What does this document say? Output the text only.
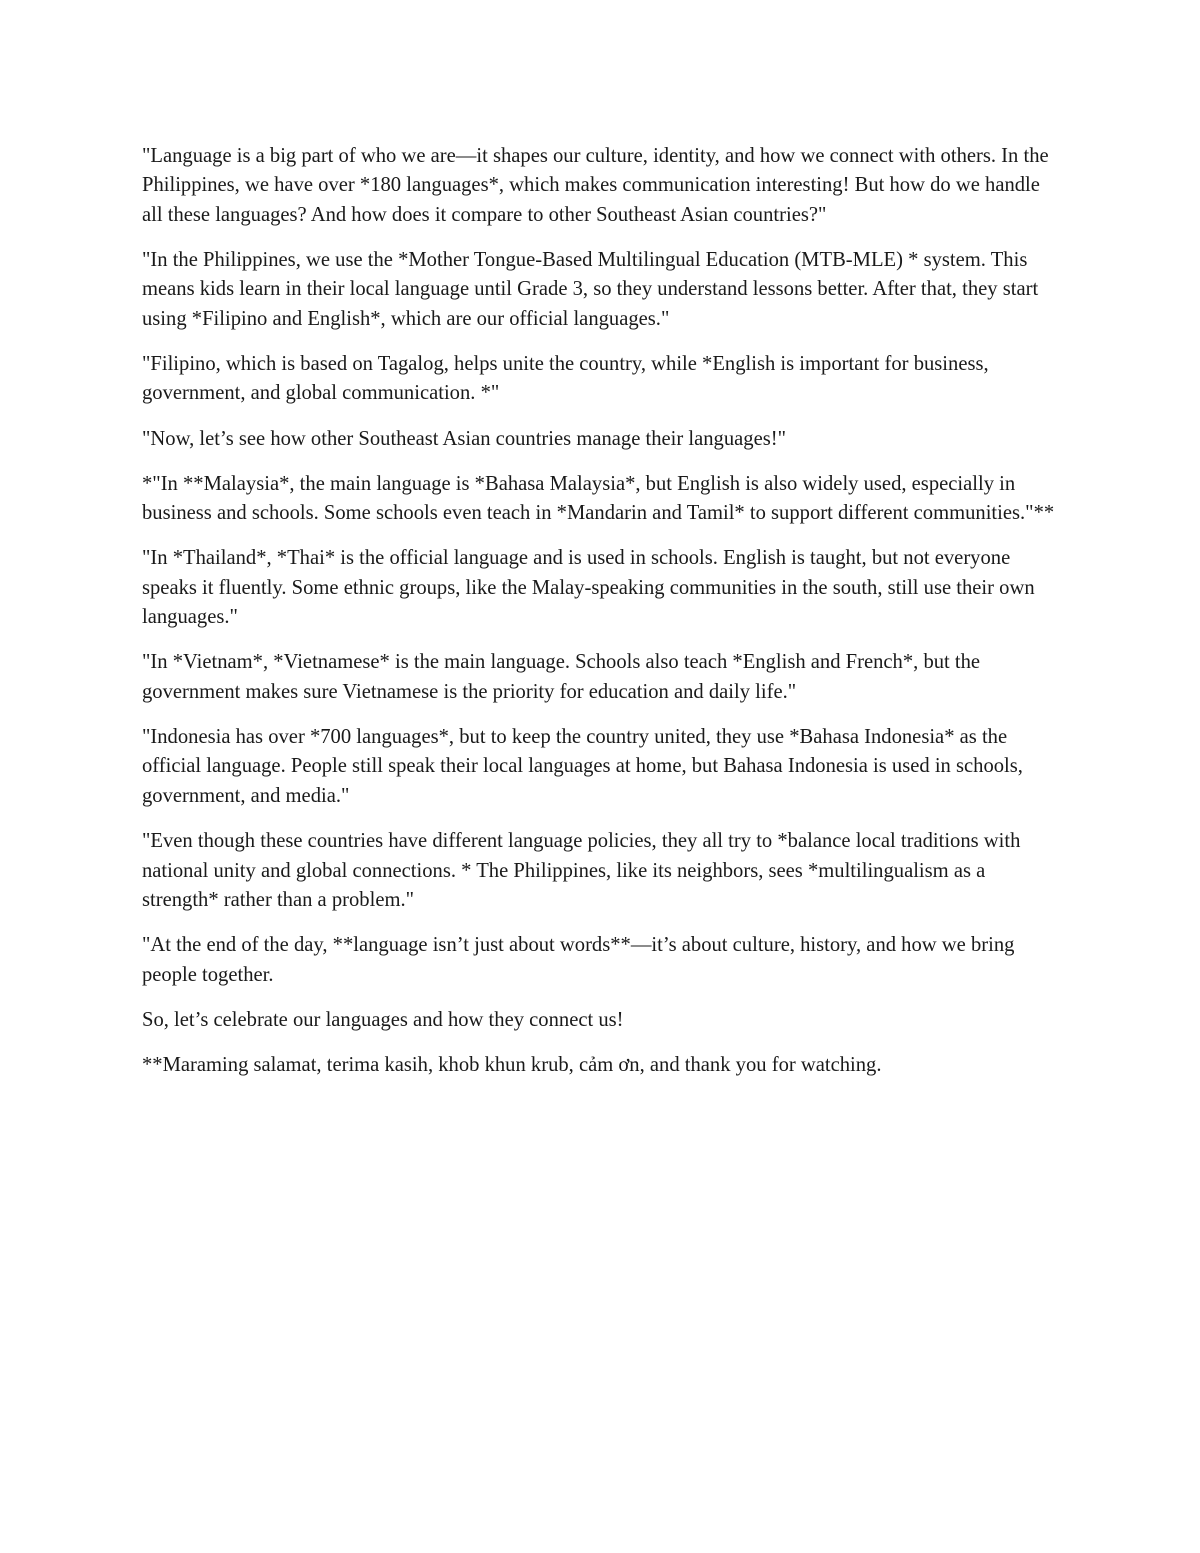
"Language is a big part of who we are—it shapes our culture, identity, and how we connect with others. In the Philippines, we have over *180 languages*, which makes communication interesting! But how do we handle all these languages? And how does it compare to other Southeast Asian countries?"

"In the Philippines, we use the *Mother Tongue-Based Multilingual Education (MTB-MLE) * system. This means kids learn in their local language until Grade 3, so they understand lessons better. After that, they start using *Filipino and English*, which are our official languages."

"Filipino, which is based on Tagalog, helps unite the country, while *English is important for business, government, and global communication. *"

"Now, let’s see how other Southeast Asian countries manage their languages!"

*"In **Malaysia*, the main language is *Bahasa Malaysia*, but English is also widely used, especially in business and schools. Some schools even teach in *Mandarin and Tamil* to support different communities."**

"In *Thailand*, *Thai* is the official language and is used in schools. English is taught, but not everyone speaks it fluently. Some ethnic groups, like the Malay-speaking communities in the south, still use their own languages."

"In *Vietnam*, *Vietnamese* is the main language. Schools also teach *English and French*, but the government makes sure Vietnamese is the priority for education and daily life."

"Indonesia has over *700 languages*, but to keep the country united, they use *Bahasa Indonesia* as the official language. People still speak their local languages at home, but Bahasa Indonesia is used in schools, government, and media."

"Even though these countries have different language policies, they all try to *balance local traditions with national unity and global connections. * The Philippines, like its neighbors, sees *multilingualism as a strength* rather than a problem."

"At the end of the day, **language isn’t just about words**—it’s about culture, history, and how we bring people together.

So, let’s celebrate our languages and how they connect us!

**Maraming salamat, terima kasih, khob khun krub, cảm ơn, and thank you for watching.
